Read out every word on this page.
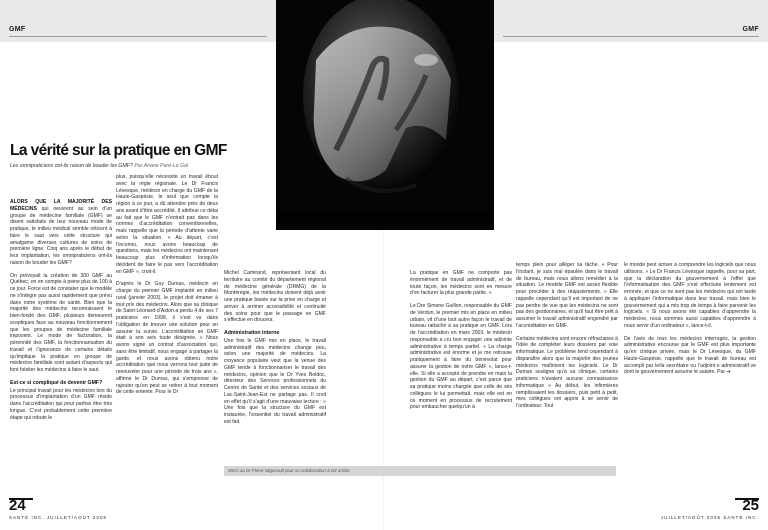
GMF	GMF
La vérité sur la pratique en GMF
Les omnipraticiens ont-ils raison de bouder les GMF? Par Ariane Paré-Le Gal

ALORS QUE LA MAJORITÉ DES MÉDECINS qui oeuvrent au sein d’un groupe de médecine familiale (GMF) se disent satisfaits de leur nouveau mode de pratique, le milieu médical semble réticent à faire le saut vers cette structure qui amalgame diverses cultures de soins de première ligne. Cinq ans après le début de leur implantation, les omnipraticiens ont-ils raison de bouder les GMF?

On prévoyait la création de 300 GMF au Québec; on en compte à peine plus de 100 à ce jour. Force est de constater que le modèle ne s’intègre pas aussi rapidement que prévu dans notre système de santé. Bien que la majorité des médecins reconnaissent le bien-fondé des GMF, plusieurs demeurent sceptiques face au nouveau fonctionnement que les groupes de médecine familiale imposent. Le mode de facturation, la pérennité des GMF, la fonctionnarisation du travail et l’ignorance de certains détails qu’implique la pratique en groupe de médecine familiale sont autant d’aspects qui font hésiter les médecins à faire le saut.

Est-ce si compliqué de devenir GMF?

Le principal travail pour les médecins lors du processus d’implantation d’un GMF réside dans l’accréditation qui peut parfois être très longue. C’est probablement cette première étape qui rebute le

plus, puisqu’elle nécessite un travail ébout avec la régie régionale. Le Dr Francis Lévesque, médecin en charge du GMF de la Haute-Gaspésie, le seul que compte la région à ce jour, a dû attendre près de deux ans avant d’être accrédité. Il attribue ce délai au fait que le GMF n’entrait pas dans les normes d’accréditation conventionnelles, mais rappelle que la période d’attente varie selon la situation. « Au départ, c’est l’inconnu, nous avons beaucoup de questions, mais les médecins ont maintenant beaucoup plus d’information lorsqu’ils décident de faire le pas vers l’accréditation en GMF », croit-il.

D’après le Dr Guy Dumas, médecin en charge du premier GMF implanté en milieu rural (janvier 2003), le projet doit émaner à tout prix des médecins. Alors que sa clinique de Saint-Léonard-d’Aston a perdu 4 de ses 7 praticiens en 1998, il s’est vu dans l’obligation de trouver une solution pour en assurer la survie. L’accréditation en GMF était à son avis toute désignée. « Nous avons signé un contrat d’association qui, sans être limitatif, nous engage à partager la garde, et nous avons obtenu notre accréditation que nous verrons tout juste de renouveler pour une période de trois ans », affirme le Dr Dumas, qui s’empresse de rajouter qu’en peut se retirer à tout moment de cette entente. Pour le Dr

Michel Camirand, représentant local du territoire au comité du département régional de médecine générale (DRMG) de la Montérégie, les médecins doivent déjà avoir une pratique basée sur la prise en charge et arriver à arrimer accessibilité et continuité des soins pour que le passage en GMF s’effectue en douceur.

Administration interne

Une fois le GMF mis en place, le travail administratif des médecins change peu, selon une majorité de médecins. La croyance populaire veut que la venue des GMF tende à fonctionnariser le travail des médecins, opinion que le Dr Yves Boldoc, directeur des Services professionnels du Centre de Santé et des services sociaux de Lac-Saint-Jean-Est ne partage pas. Il croit en effet qu’il s’agit d’une mauvaise lecture : « Une fois que la structure du GMF est instaurée, l’essentiel du travail administratif est fait.

La pratique en GMF ne comporte pas énormément de travail administratif, et de toute façon, les médecins sont en mesure d’en facturer la plus grande partie. »

Le Dre Simone Guillon, responsable du GMF de Verdun, le premier mis en place en milieu urbain, vit d’une tout autre façon le travail de bureau rattaché à sa pratique en GMF. Lors de l’accréditation en mars 2003, le médecin responsable a cru bon engager une adjointe administrative à temps partiel. « La charge administrative est énorme et je me retrouve pratiquement à faire du bénévolat pour assurer la gestion de notre GMF », lance-t-elle. Si elle a accepté de prendre en main la gestion du GMF au départ, c’est parce que sa pratique moins chargée que celle de ses collègues le lui permettait, mais elle est en ce moment en processus de recrutement pour embaucher quelqu’un à

temps plein pour alléger sa tâche. « Pour l’instant, je suis mal épaulée dans le travail de bureau, mais nous allons remédier à la situation. Le modèle GMF est assez flexible pour procéder à des réajustements. » Elle rappelle cependant qu’il est important de ne pas perdre de vue que les médecins ne sont pas des gestionnaires, et qu’il faut être prêt à assumer le travail administratif engendré par l’accréditation en GMF.

Certains médecins sont encore réfractaires à l’idée de compléter leurs dossiers par voie informatique. Le problème tend cependant à disparaître alors que la majorité des jeunes médecins maîtrisent les logiciels. Le Dr Dumas souligne qu’à sa clinique, certains praticiens n’avaient aucune connaissance informatique « Au début, les infirmières remplissaient les dossiers, puis petit à petit, mes collègues ont appris à se servir de l’ordinateur. Tout

le monde peut arriver à comprendre les logiciels que nous utilisons. » Le Dr Francis Lévesque rappelle, pour sa part, que la déclaration du gouvernement à l’effet que l’informatisation des GMF s’est effectuée lentement est erronée, et que ce ne sont pas les médecins qui ont tardé à appliquer l’informatique dans leur travail, mais bien le gouvernement qui a mis trop de temps à faire parvenir les logiciels. « Si nous avons été capables d’apprendre la médecine, nous sommes aussi capables d’apprendre à nous servir d’un ordinateur », lance-t-il.

De l’avis de tous les médecins interrogés, la gestion administrative encourue par le GMF est plus importante qu’en clinique privée, mais le Dr Lévesque, du GMF Haute-Gaspésie, rappelle que le travail de bureau est accompli par le/la secrétaire ou l’adjoint·e administratif·ve dont le gouvernement assume le salaire. Par ➔

Merci au Dr Pierre Migneault pour sa collaboration à cet article.
24	25
SANTÉ INC. JUILLET/AOÛT 2006	JUILLET/AOÛT 2006 SANTÉ INC.
